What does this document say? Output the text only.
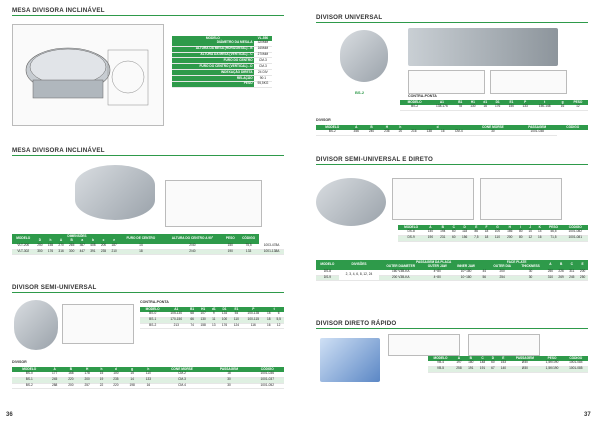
MESA DIVISORA INCLINÁVEL
MODELO	VL-550
DIÂMETRO DA MESA-A	320MM
ALTURA DA MESA (HORIZONTAL) - B	165MM
ALTURA DA MESA (VERTICAL) - C	270MM
FURO DO CENTRO	CM-3
FURO DO CENTRO (VERTICAL) - D	CM-3
INDEXAÇÃO DIRETA	24 DIV
RELAÇÃO	90:1
PESO	95,5KG
MESA DIVISORA INCLINÁVEL
MODELO	DIMENSÕES								FURO DE CENTRO	ALTURA DO CENTRO A 90°	PESO	CÓDIGO	
	D	h	A	B	a	b	c	e					
VLT-200	250	155	270	265	367	408	200	187	14	2/40	150	75,5	1003-478A
VLT-302	300	176	316	300	447	391	235	210	18	2/40	190	133	1001-138A
DIVISOR SEMI-UNIVERSAL
CONTRA-PONTA
MODELO	A1	B1	H1	d1	D1	E1	P	t	
BS-0	105-130	68	107	9	134	54	100-135	18	6
BS-1	170-150	66	130	11	100	110	100-115	18	5,5
BS-2	213	74	158	13	176	124	116	16	12
DIVISOR
MODELO	A	B	H	h	d	g	h	CONE MORSE	PASSAGEM	CÓDIGO
BS-0	177	168	178	15	100	15	110	CM-2	18	1001-036
BS-1	245	220	200	19	235	14	133	CM-3	30	1001-037
BS-2	288	200	257	22	220	198	16	CM-4	30	1001-052
36
DIVISOR UNIVERSAL
BS-2
CONTRA-PONTA
MODELO	A1	B1	H1	d1	D1	E1	P	t	g	PESO
BS-2	138-176	78	130	16	176	150	133	150-148	16	12
DIVISOR
MODELO	A	B	H	h	d				CONE MORSE	PASSAGEM	CÓDIGO
BS-2	356	240	236	20	216	138	16	CM-4	30	1001-038	
DIVISOR SEMI-UNIVERSAL E DIRETO
MODELO	A	B	C	D	E	F	G	H	I	J	K	PESO	CÓDIGO
DS-8	140	194	60	118	86	18	100	166	80	10	14	46,5	1001-082
DS-9	190	231	60	156	7,5	18	110	200	80	12	16	71,5	1001-081
MODELO	DIVISÕES	PASSAGEM DA PLACA				FACE PLATE		A	B	C	E
		OUTER DIAMETER	OUTER JAW	INNER JAW		OUTER DIA	THICKNESS				
DS-8	2, 3, 4, 6, 8, 12, 24	160 V3B-KA	4~80	10~180	44	200	30	250	226	311	200
DS-9		200 V3B-KA	4~80	10~180	56	254	30	310	269	245	250
DIVISOR DIRETO RÁPIDO
MODELO	A	B	C	D	E	PASSAGEM	PESO	CÓDIGO
VB-4	197	180	148	60	153	Ø30	1,5K/190	1001-084
VB-5	258	191	191	67	140	Ø30	1,5K/190	1001-085
37
